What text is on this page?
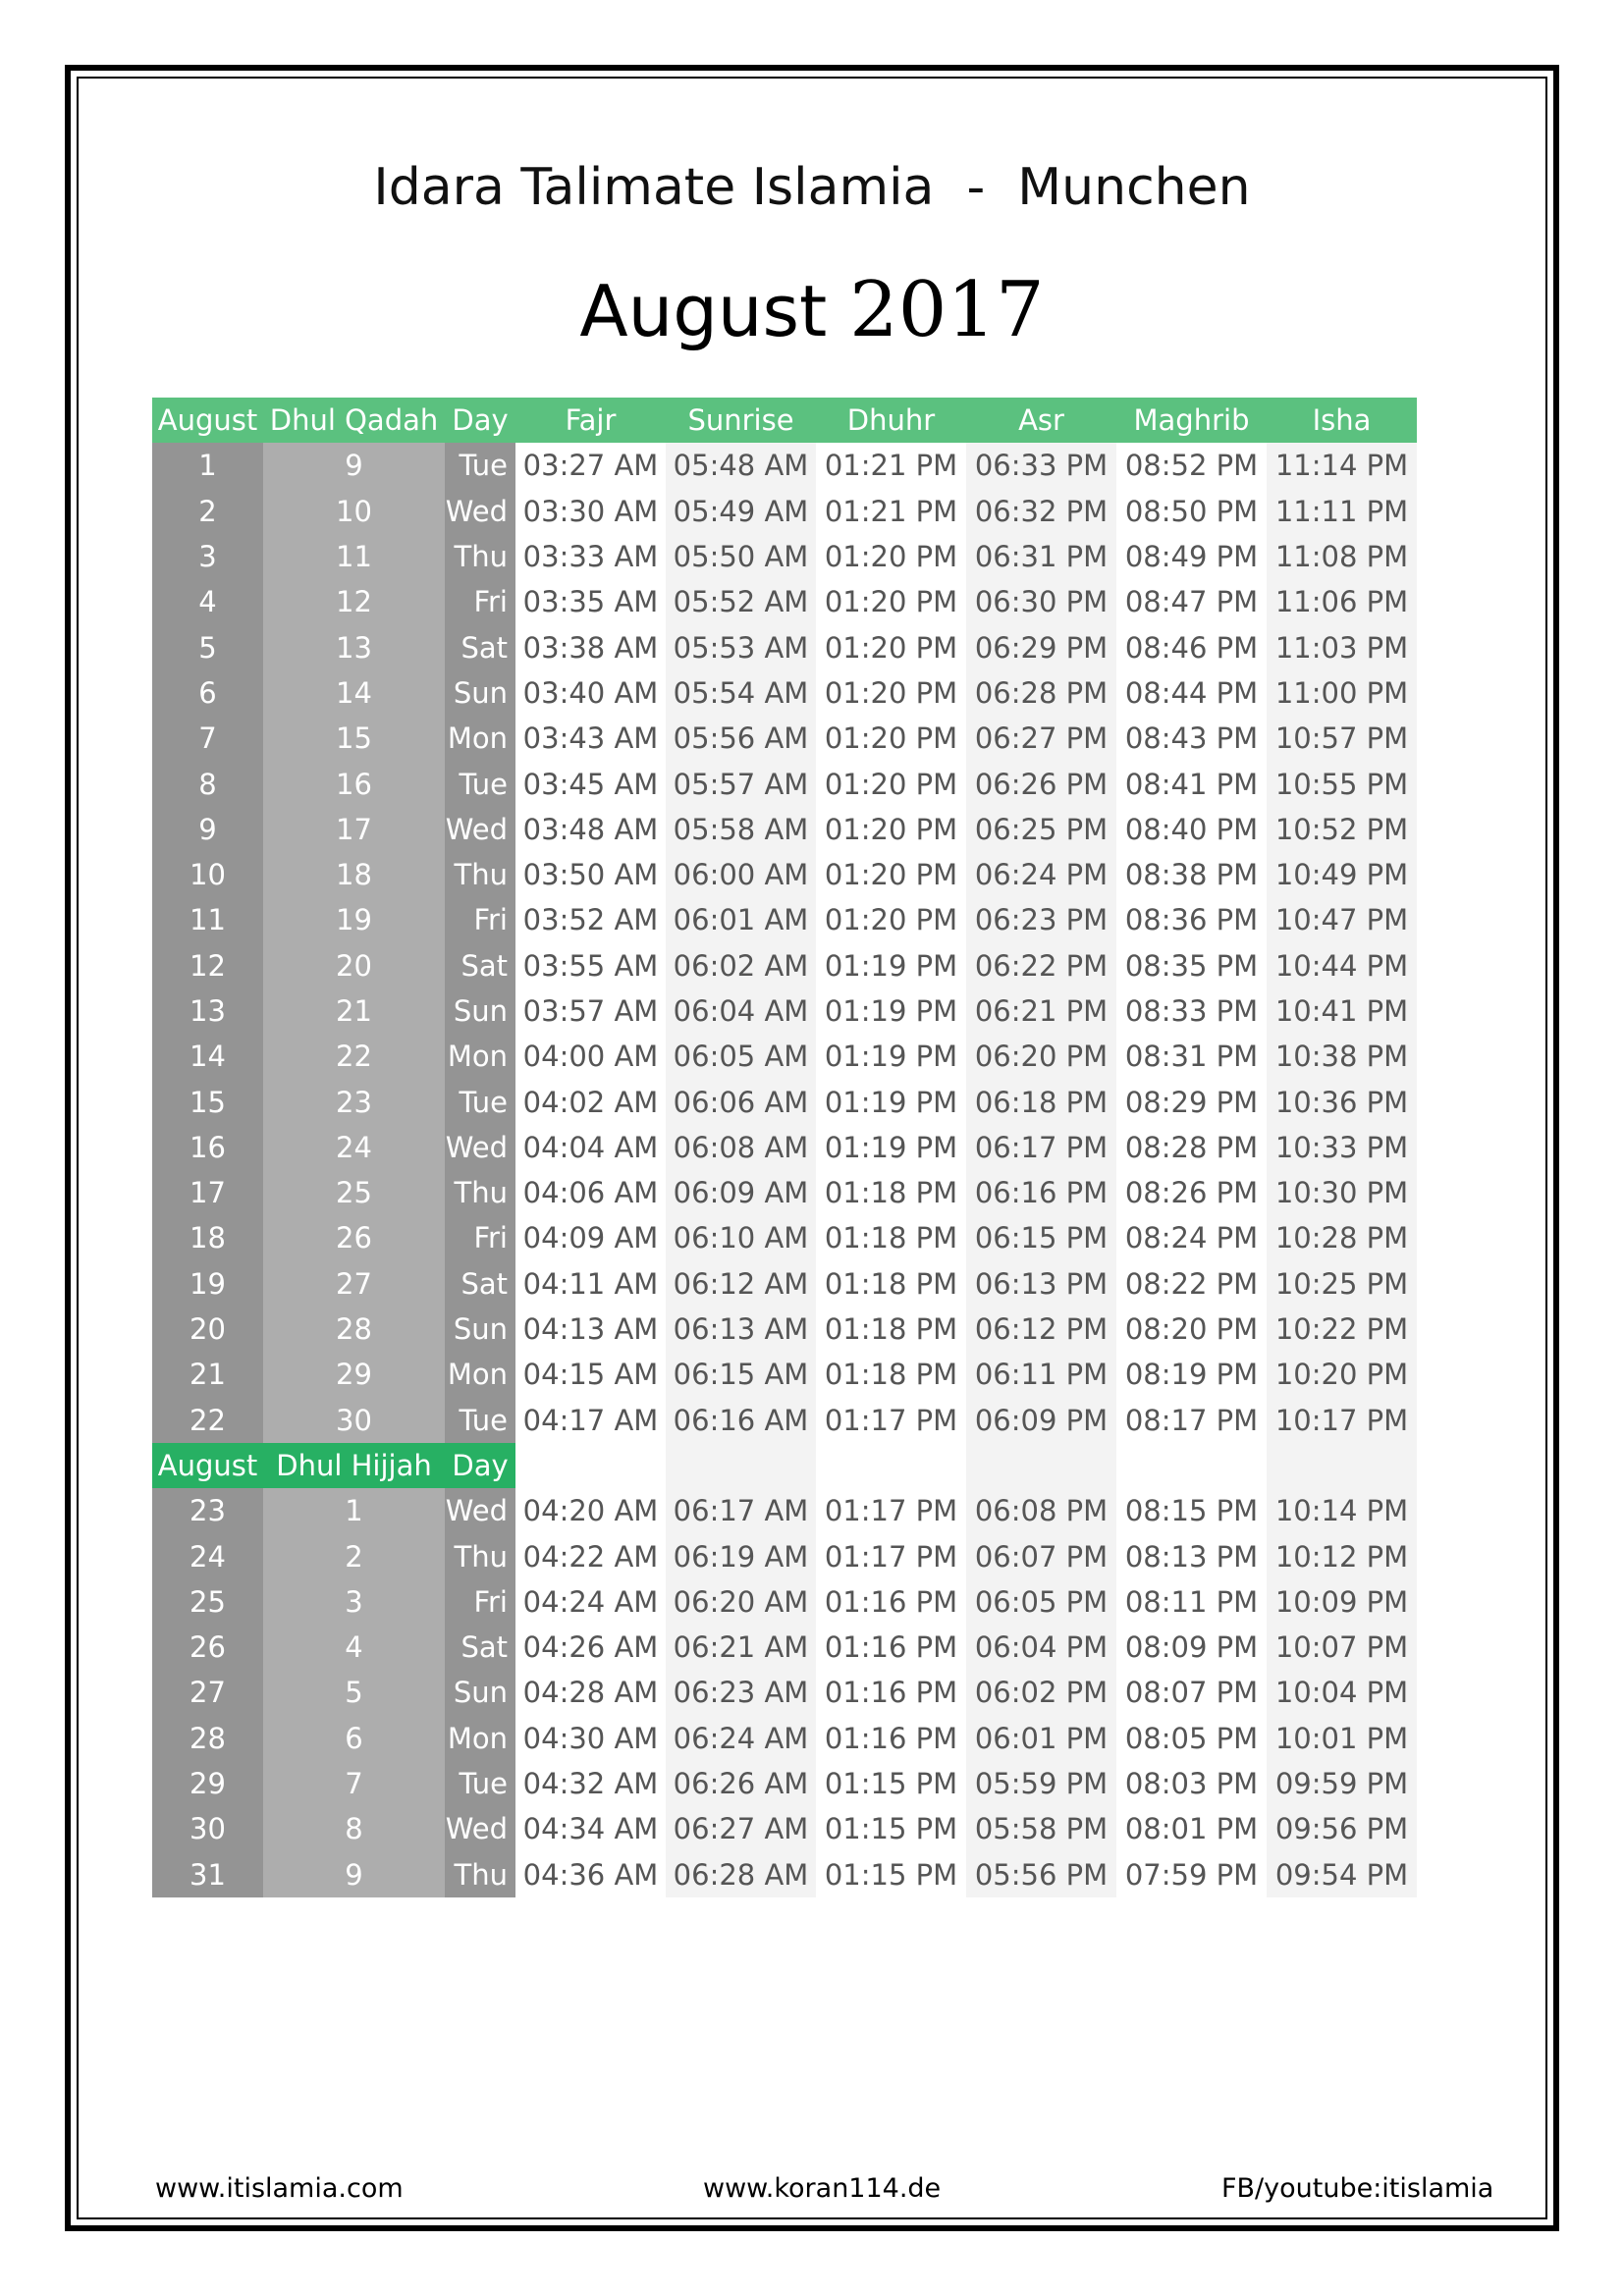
Idara Talimate Islamia  -  Munchen
August 2017
August	Dhul Qadah	Day	Fajr	Sunrise	Dhuhr	Asr	Maghrib	Isha
1	9	Tue	03:27 AM	05:48 AM	01:21 PM	06:33 PM	08:52 PM	11:14 PM
2	10	Wed	03:30 AM	05:49 AM	01:21 PM	06:32 PM	08:50 PM	11:11 PM
3	11	Thu	03:33 AM	05:50 AM	01:20 PM	06:31 PM	08:49 PM	11:08 PM
4	12	Fri	03:35 AM	05:52 AM	01:20 PM	06:30 PM	08:47 PM	11:06 PM
5	13	Sat	03:38 AM	05:53 AM	01:20 PM	06:29 PM	08:46 PM	11:03 PM
6	14	Sun	03:40 AM	05:54 AM	01:20 PM	06:28 PM	08:44 PM	11:00 PM
7	15	Mon	03:43 AM	05:56 AM	01:20 PM	06:27 PM	08:43 PM	10:57 PM
8	16	Tue	03:45 AM	05:57 AM	01:20 PM	06:26 PM	08:41 PM	10:55 PM
9	17	Wed	03:48 AM	05:58 AM	01:20 PM	06:25 PM	08:40 PM	10:52 PM
10	18	Thu	03:50 AM	06:00 AM	01:20 PM	06:24 PM	08:38 PM	10:49 PM
11	19	Fri	03:52 AM	06:01 AM	01:20 PM	06:23 PM	08:36 PM	10:47 PM
12	20	Sat	03:55 AM	06:02 AM	01:19 PM	06:22 PM	08:35 PM	10:44 PM
13	21	Sun	03:57 AM	06:04 AM	01:19 PM	06:21 PM	08:33 PM	10:41 PM
14	22	Mon	04:00 AM	06:05 AM	01:19 PM	06:20 PM	08:31 PM	10:38 PM
15	23	Tue	04:02 AM	06:06 AM	01:19 PM	06:18 PM	08:29 PM	10:36 PM
16	24	Wed	04:04 AM	06:08 AM	01:19 PM	06:17 PM	08:28 PM	10:33 PM
17	25	Thu	04:06 AM	06:09 AM	01:18 PM	06:16 PM	08:26 PM	10:30 PM
18	26	Fri	04:09 AM	06:10 AM	01:18 PM	06:15 PM	08:24 PM	10:28 PM
19	27	Sat	04:11 AM	06:12 AM	01:18 PM	06:13 PM	08:22 PM	10:25 PM
20	28	Sun	04:13 AM	06:13 AM	01:18 PM	06:12 PM	08:20 PM	10:22 PM
21	29	Mon	04:15 AM	06:15 AM	01:18 PM	06:11 PM	08:19 PM	10:20 PM
22	30	Tue	04:17 AM	06:16 AM	01:17 PM	06:09 PM	08:17 PM	10:17 PM
August	Dhul Hijjah	Day						
23	1	Wed	04:20 AM	06:17 AM	01:17 PM	06:08 PM	08:15 PM	10:14 PM
24	2	Thu	04:22 AM	06:19 AM	01:17 PM	06:07 PM	08:13 PM	10:12 PM
25	3	Fri	04:24 AM	06:20 AM	01:16 PM	06:05 PM	08:11 PM	10:09 PM
26	4	Sat	04:26 AM	06:21 AM	01:16 PM	06:04 PM	08:09 PM	10:07 PM
27	5	Sun	04:28 AM	06:23 AM	01:16 PM	06:02 PM	08:07 PM	10:04 PM
28	6	Mon	04:30 AM	06:24 AM	01:16 PM	06:01 PM	08:05 PM	10:01 PM
29	7	Tue	04:32 AM	06:26 AM	01:15 PM	05:59 PM	08:03 PM	09:59 PM
30	8	Wed	04:34 AM	06:27 AM	01:15 PM	05:58 PM	08:01 PM	09:56 PM
31	9	Thu	04:36 AM	06:28 AM	01:15 PM	05:56 PM	07:59 PM	09:54 PM
www.itislamia.com	www.koran114.de	FB/youtube:itislamia
